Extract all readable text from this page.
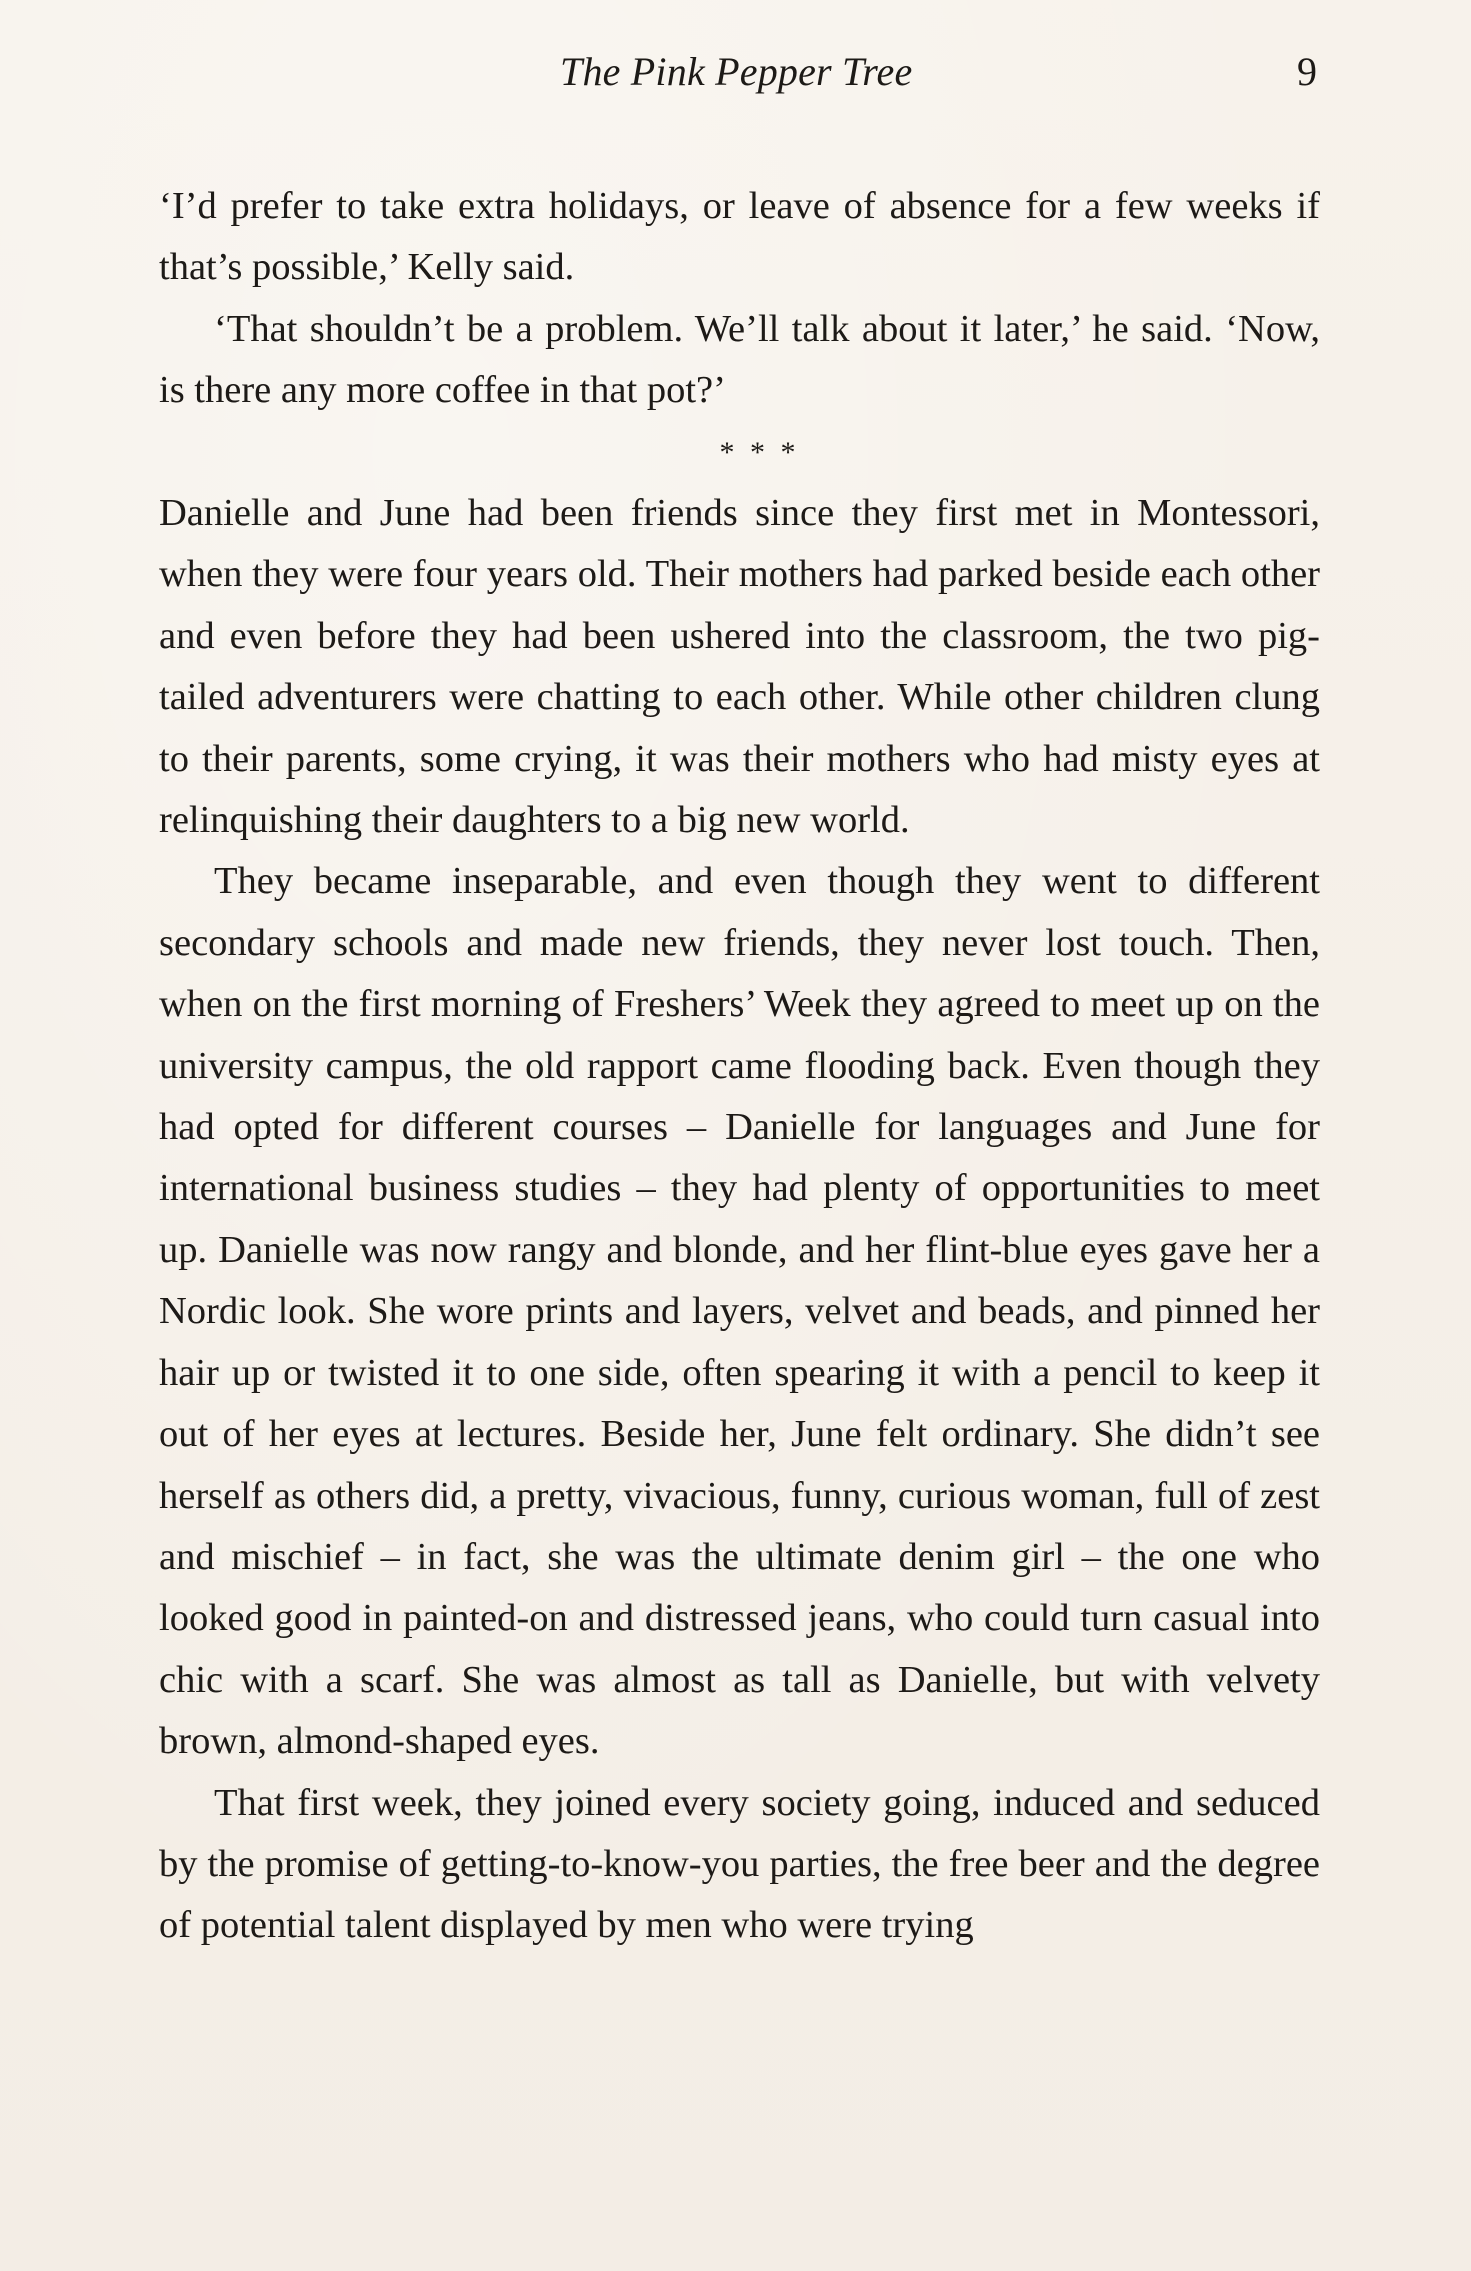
The Pink Pepper Tree	9

‘I’d prefer to take extra holidays, or leave of absence for a few weeks if that’s possible,’ Kelly said.

‘That shouldn’t be a problem. We’ll talk about it later,’ he said. ‘Now, is there any more coffee in that pot?’

* * *

Danielle and June had been friends since they first met in Montessori, when they were four years old. Their mothers had parked beside each other and even before they had been ushered into the classroom, the two pig-tailed adventurers were chatting to each other. While other children clung to their parents, some crying, it was their mothers who had misty eyes at relinquishing their daughters to a big new world.

They became inseparable, and even though they went to different secondary schools and made new friends, they never lost touch. Then, when on the first morning of Freshers’ Week they agreed to meet up on the university campus, the old rapport came flooding back. Even though they had opted for different courses – Danielle for languages and June for international business studies – they had plenty of opportunities to meet up. Danielle was now rangy and blonde, and her flint-blue eyes gave her a Nordic look. She wore prints and layers, velvet and beads, and pinned her hair up or twisted it to one side, often spearing it with a pencil to keep it out of her eyes at lectures. Beside her, June felt ordinary. She didn’t see herself as others did, a pretty, vivacious, funny, curious woman, full of zest and mischief – in fact, she was the ultimate denim girl – the one who looked good in painted-on and distressed jeans, who could turn casual into chic with a scarf. She was almost as tall as Danielle, but with velvety brown, almond-shaped eyes.

That first week, they joined every society going, induced and seduced by the promise of getting-to-know-you parties, the free beer and the degree of potential talent displayed by men who were trying
